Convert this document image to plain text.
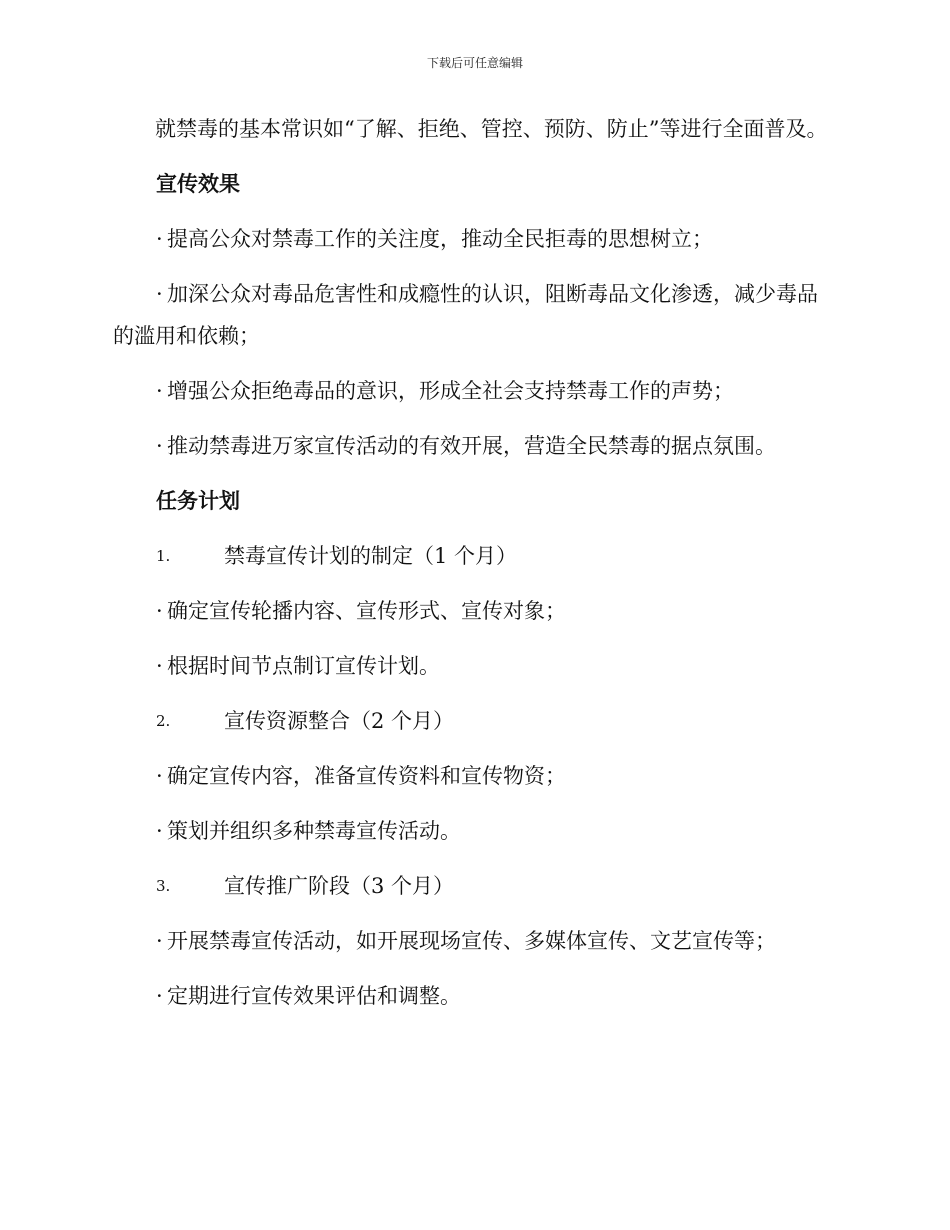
下载后可任意编辑

就禁毒的基本常识如“了解、拒绝、管控、预防、防止”等进行全面普及。

宣传效果
· 提高公众对禁毒工作的关注度，推动全民拒毒的思想树立；
· 加深公众对毒品危害性和成瘾性的认识，阻断毒品文化渗透，减少毒品的滥用和依赖；
· 增强公众拒绝毒品的意识，形成全社会支持禁毒工作的声势；
· 推动禁毒进万家宣传活动的有效开展，营造全民禁毒的据点氛围。
任务计划
1.	禁毒宣传计划的制定（1 个月）
· 确定宣传轮播内容、宣传形式、宣传对象；
· 根据时间节点制订宣传计划。
2.	宣传资源整合（2 个月）
· 确定宣传内容，准备宣传资料和宣传物资；
· 策划并组织多种禁毒宣传活动。
3.	宣传推广阶段（3 个月）
· 开展禁毒宣传活动，如开展现场宣传、多媒体宣传、文艺宣传等；
· 定期进行宣传效果评估和调整。
